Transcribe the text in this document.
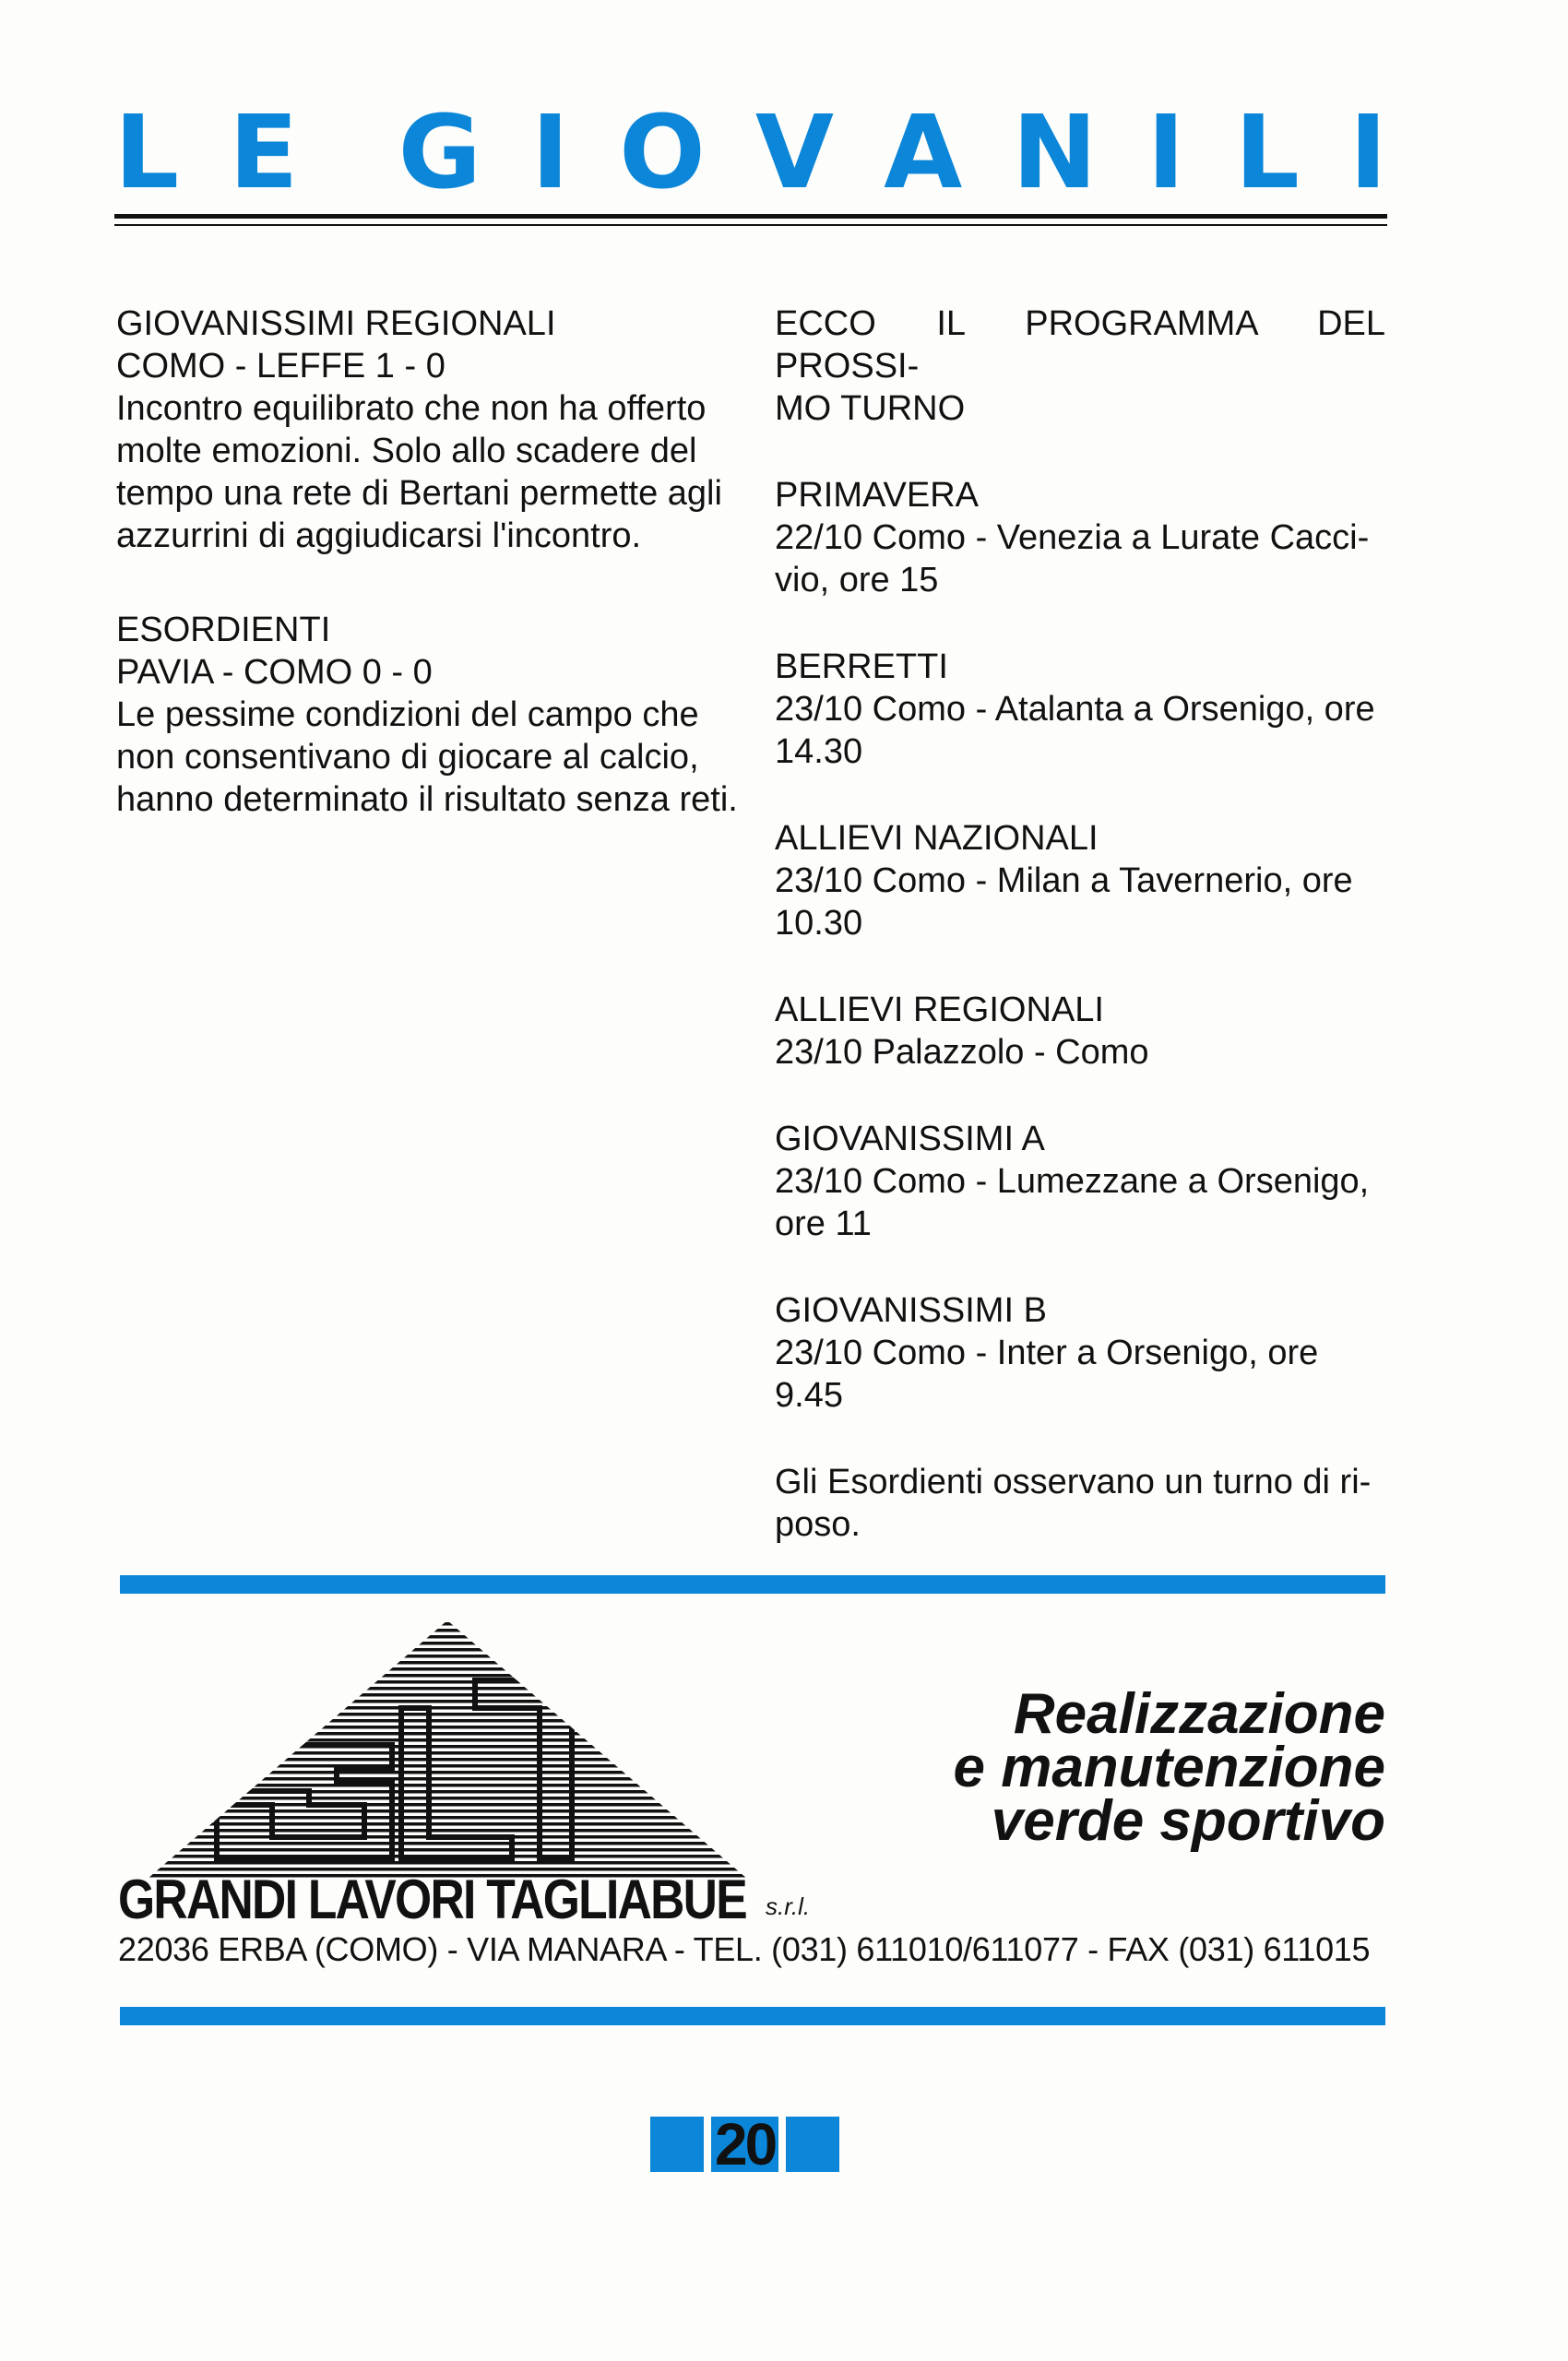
L E G I O V A N I L I
GIOVANISSIMI REGIONALI
COMO - LEFFE 1 - 0
Incontro equilibrato che non ha offerto
molte emozioni. Solo allo scadere del
tempo una rete di Bertani permette agli
azzurrini di aggiudicarsi l'incontro.
ESORDIENTI
PAVIA - COMO 0 - 0
Le pessime condizioni del campo che
non consentivano di giocare al calcio,
hanno determinato il risultato senza reti.
ECCO IL PROGRAMMA DEL PROSSI-
MO TURNO
PRIMAVERA
22/10 Como - Venezia a Lurate Cacci-
vio, ore 15
BERRETTI
23/10 Como - Atalanta a Orsenigo, ore
14.30
ALLIEVI NAZIONALI
23/10 Como - Milan a Tavernerio, ore
10.30
ALLIEVI REGIONALI
23/10 Palazzolo - Como
GIOVANISSIMI A
23/10 Como - Lumezzane a Orsenigo,
ore 11
GIOVANISSIMI B
23/10 Como - Inter a Orsenigo, ore
9.45
Gli Esordienti osservano un turno di ri-
poso.
GRANDI LAVORI TAGLIABUE s.r.l.
Realizzazione
e manutenzione
verde sportivo
22036 ERBA (COMO) - VIA MANARA - TEL. (031) 611010/611077 - FAX (031) 611015
20
